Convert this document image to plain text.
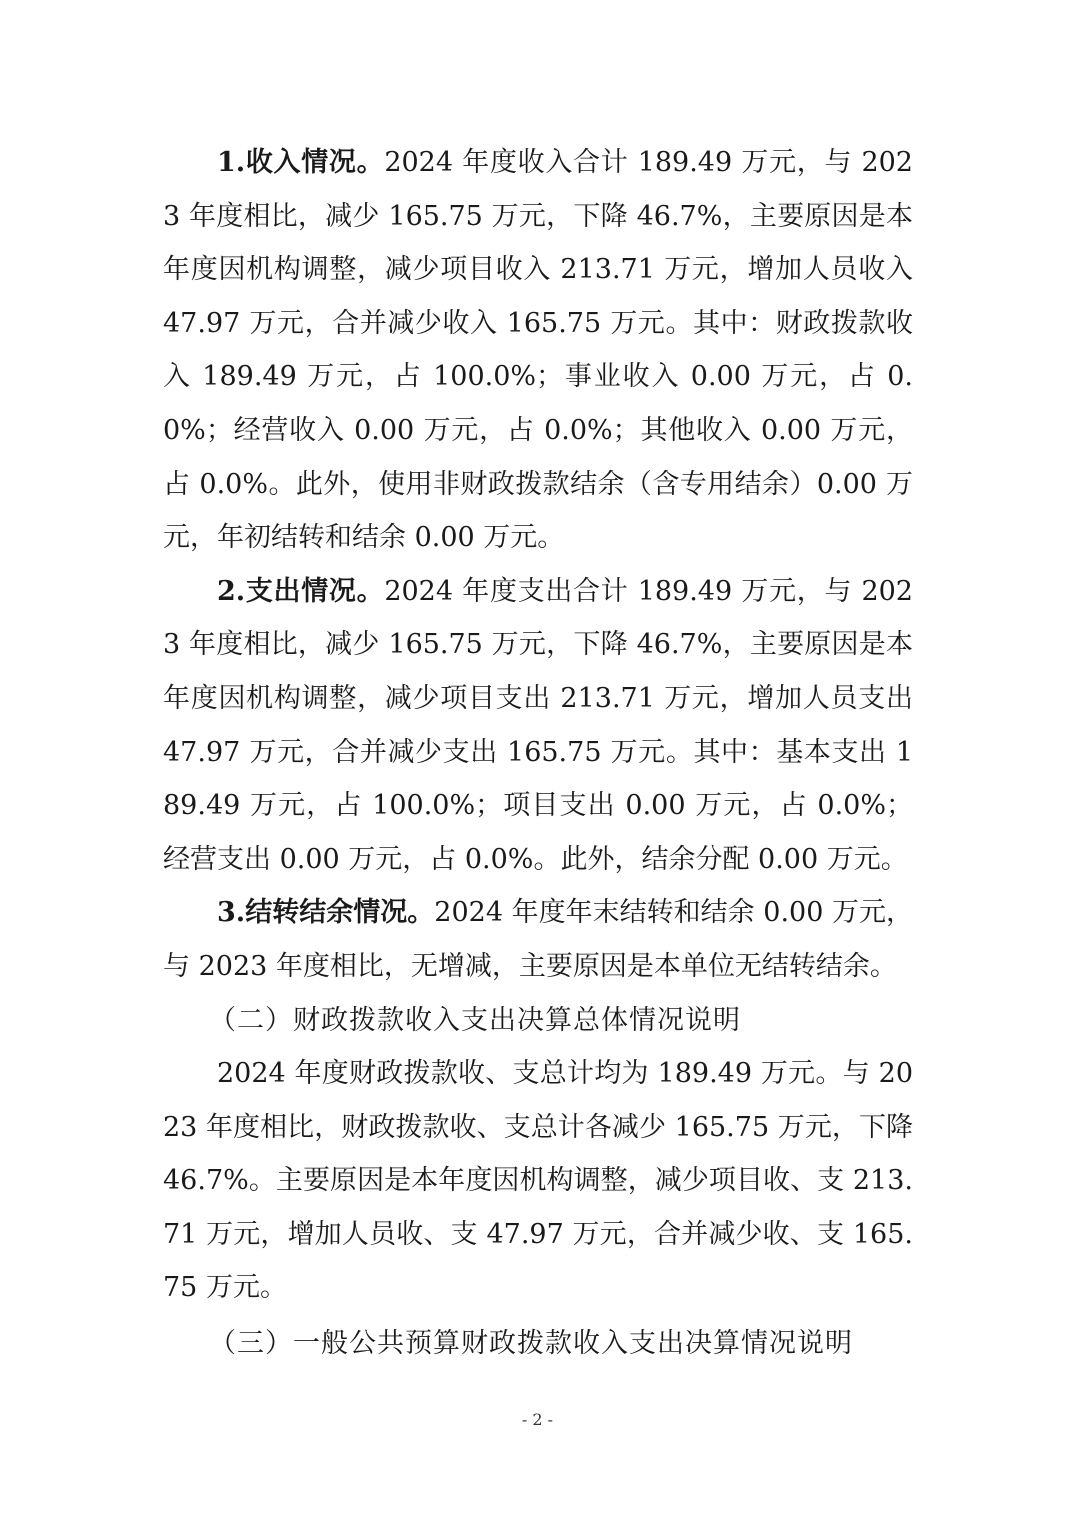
1.收入情况。2024 年度收入合计 189.49 万元，与 2023 年度相比，减少 165.75 万元，下降 46.7%，主要原因是本年度因机构调整，减少项目收入 213.71 万元，增加人员收入 47.97 万元，合并减少收入 165.75 万元。其中：财政拨款收入 189.49 万元，占 100.0%；事业收入 0.00 万元，占 0.0%；经营收入 0.00 万元，占 0.0%；其他收入 0.00 万元，占 0.0%。此外，使用非财政拨款结余（含专用结余）0.00 万元，年初结转和结余 0.00 万元。

2.支出情况。2024 年度支出合计 189.49 万元，与 2023 年度相比，减少 165.75 万元，下降 46.7%，主要原因是本年度因机构调整，减少项目支出 213.71 万元，增加人员支出 47.97 万元，合并减少支出 165.75 万元。其中：基本支出 189.49 万元，占 100.0%；项目支出 0.00 万元，占 0.0%；经营支出 0.00 万元，占 0.0%。此外，结余分配 0.00 万元。

3.结转结余情况。2024 年度年末结转和结余 0.00 万元，与 2023 年度相比，无增减，主要原因是本单位无结转结余。

（二）财政拨款收入支出决算总体情况说明

2024 年度财政拨款收、支总计均为 189.49 万元。与 2023 年度相比，财政拨款收、支总计各减少 165.75 万元，下降 46.7%。主要原因是本年度因机构调整，减少项目收、支 213.71 万元，增加人员收、支 47.97 万元，合并减少收、支 165.75 万元。

（三）一般公共预算财政拨款收入支出决算情况说明

- 2 -
